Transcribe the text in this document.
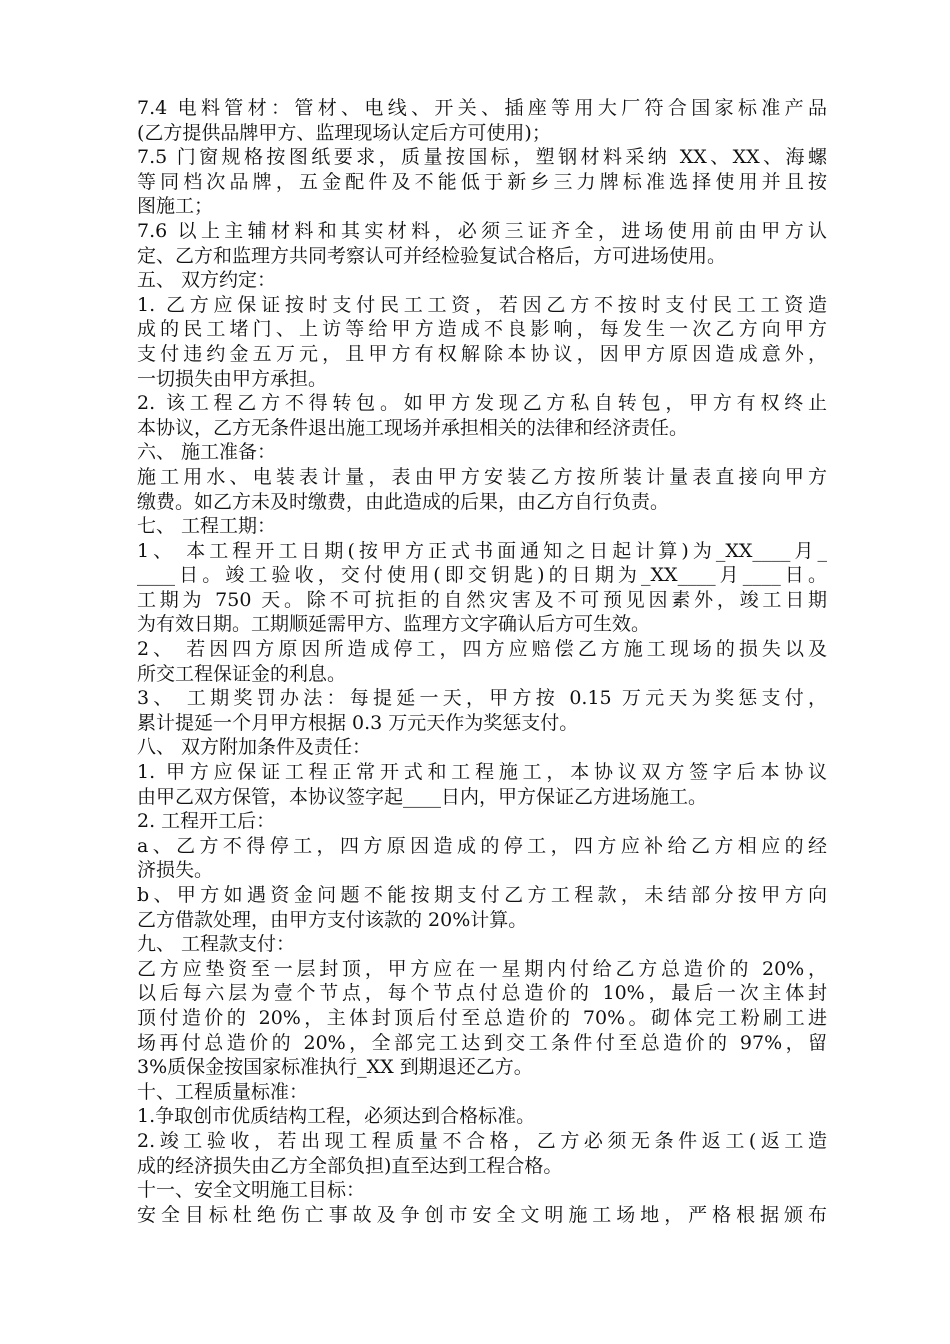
7.4 电料管材：管材、电线、开关、插座等用大厂符合国家标准产品
(乙方提供品牌甲方、监理现场认定后方可使用)；
7.5 门窗规格按图纸要求，质量按国标，塑钢材料采纳 XX、XX、海螺
等同档次品牌，五金配件及不能低于新乡三力牌标准选择使用并且按
图施工；
7.6 以上主辅材料和其实材料，必须三证齐全，进场使用前由甲方认
定、乙方和监理方共同考察认可并经检验复试合格后，方可进场使用。
五、 双方约定：
1. 乙方应保证按时支付民工工资，若因乙方不按时支付民工工资造
成的民工堵门、上访等给甲方造成不良影响，每发生一次乙方向甲方
支付违约金五万元，且甲方有权解除本协议，因甲方原因造成意外，
一切损失由甲方承担。
2. 该工程乙方不得转包。如甲方发现乙方私自转包，甲方有权终止
本协议，乙方无条件退出施工现场并承担相关的法律和经济责任。
六、 施工准备：
施工用水、电装表计量，表由甲方安装乙方按所装计量表直接向甲方
缴费。如乙方未及时缴费，由此造成的后果，由乙方自行负责。
七、 工程工期：
1、 本工程开工日期(按甲方正式书面通知之日起计算)为_XX____月_
____日。竣工验收，交付使用(即交钥匙)的日期为_XX____月____日。
工期为 750 天。除不可抗拒的自然灾害及不可预见因素外，竣工日期
为有效日期。工期顺延需甲方、监理方文字确认后方可生效。
2、 若因四方原因所造成停工，四方应赔偿乙方施工现场的损失以及
所交工程保证金的利息。
3、 工期奖罚办法：每提延一天，甲方按 0.15 万元天为奖惩支付，
累计提延一个月甲方根据 0.3 万元天作为奖惩支付。
八、 双方附加条件及责任：
1. 甲方应保证工程正常开式和工程施工，本协议双方签字后本协议
由甲乙双方保管，本协议签字起____日内，甲方保证乙方进场施工。
2. 工程开工后：
a、乙方不得停工，四方原因造成的停工，四方应补给乙方相应的经
济损失。
b、甲方如遇资金问题不能按期支付乙方工程款，未结部分按甲方向
乙方借款处理，由甲方支付该款的 20%计算。
九、 工程款支付：
乙方应垫资至一层封顶，甲方应在一星期内付给乙方总造价的 20%，
以后每六层为壹个节点，每个节点付总造价的 10%，最后一次主体封
顶付造价的 20%，主体封顶后付至总造价的 70%。砌体完工粉刷工进
场再付总造价的 20%，全部完工达到交工条件付至总造价的 97%，留
3%质保金按国家标准执行_XX 到期退还乙方。
十、工程质量标准：
1.争取创市优质结构工程，必须达到合格标准。
2.竣工验收，若出现工程质量不合格，乙方必须无条件返工(返工造
成的经济损失由乙方全部负担)直至达到工程合格。
十一、安全文明施工目标：
安全目标杜绝伤亡事故及争创市安全文明施工场地，严格根据颁布
